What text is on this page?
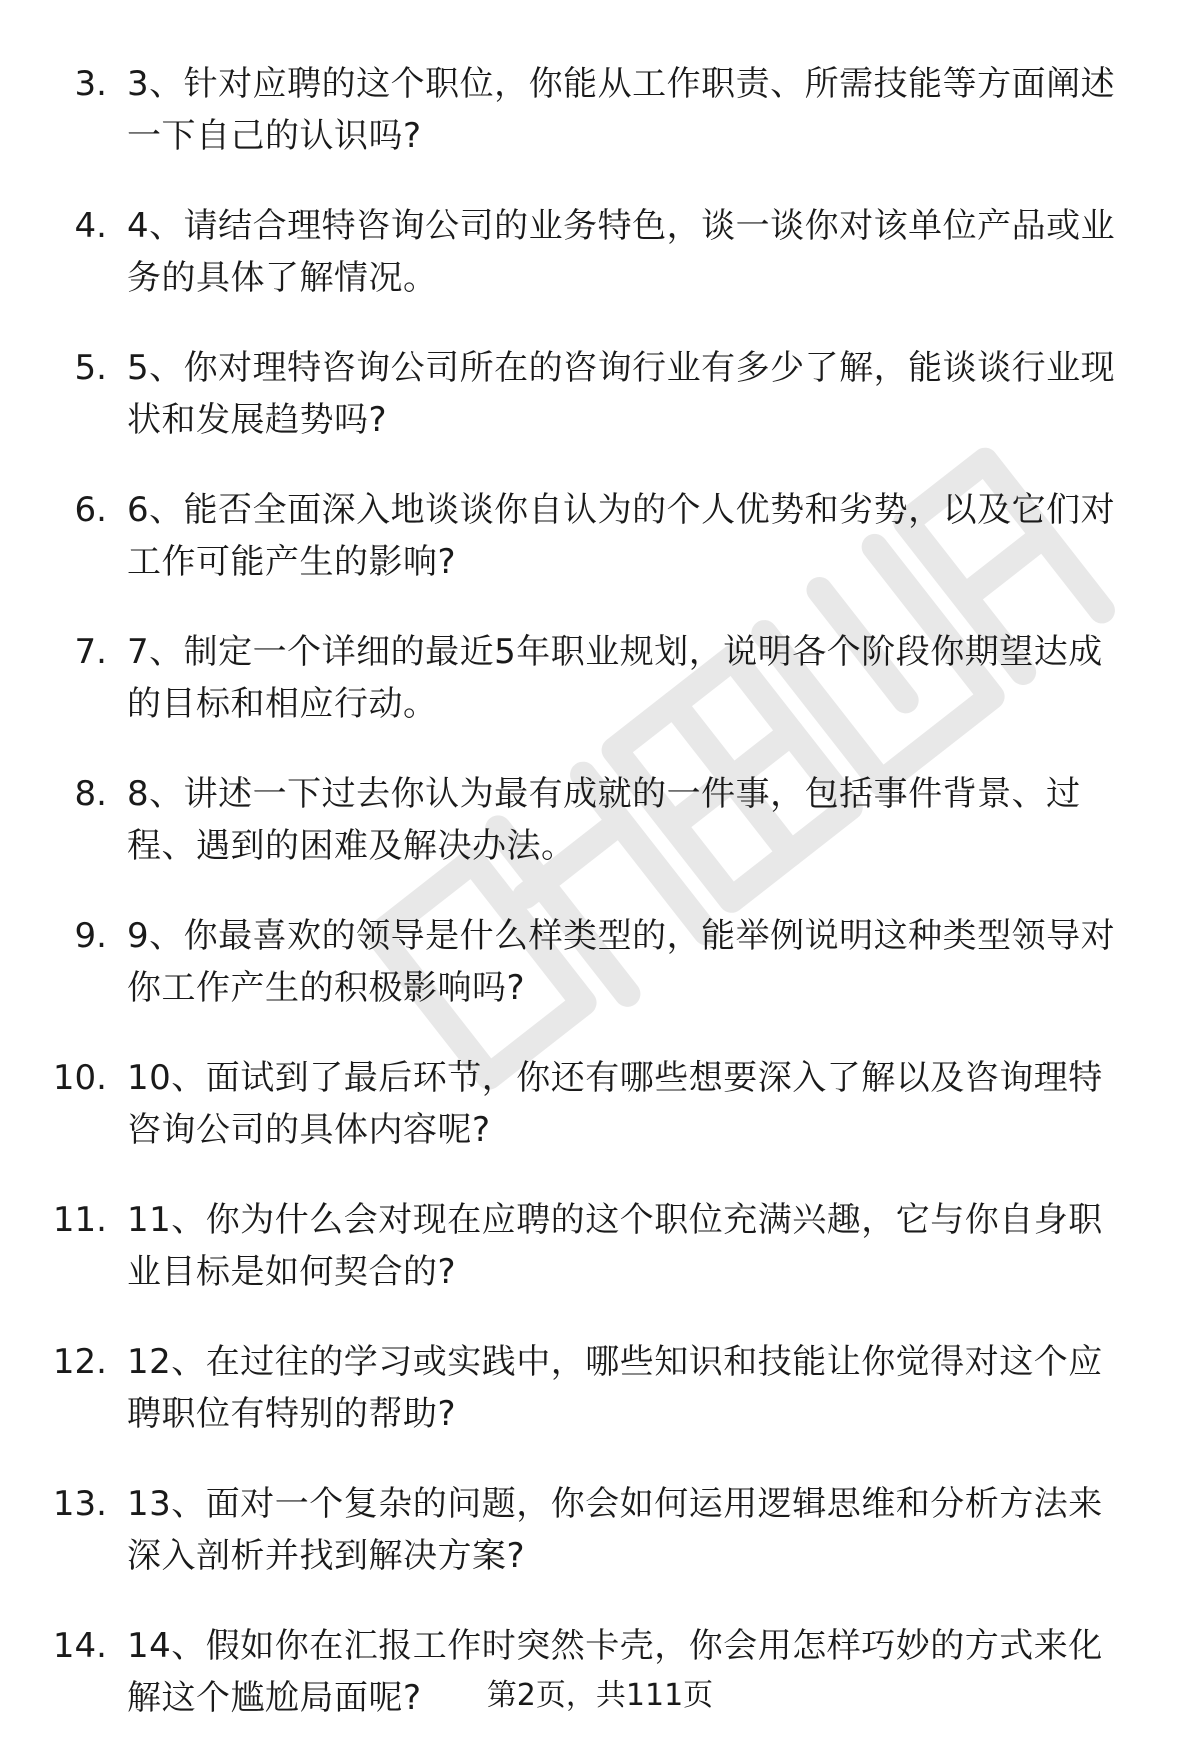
3. 3、针对应聘的这个职位，你能从工作职责、所需技能等方面阐述
一下自己的认识吗?
4. 4、请结合理特咨询公司的业务特色，谈一谈你对该单位产品或业
务的具体了解情况。
5. 5、你对理特咨询公司所在的咨询行业有多少了解，能谈谈行业现
状和发展趋势吗?
6. 6、能否全面深入地谈谈你自认为的个人优势和劣势，以及它们对
工作可能产生的影响?
7. 7、制定一个详细的最近5年职业规划，说明各个阶段你期望达成
的目标和相应行动。
8. 8、讲述一下过去你认为最有成就的一件事，包括事件背景、过
程、遇到的困难及解决办法。
9. 9、你最喜欢的领导是什么样类型的，能举例说明这种类型领导对
你工作产生的积极影响吗?
10. 10、面试到了最后环节，你还有哪些想要深入了解以及咨询理特
咨询公司的具体内容呢?
11. 11、你为什么会对现在应聘的这个职位充满兴趣，它与你自身职
业目标是如何契合的?
12. 12、在过往的学习或实践中，哪些知识和技能让你觉得对这个应
聘职位有特别的帮助?
13. 13、面对一个复杂的问题，你会如何运用逻辑思维和分析方法来
深入剖析并找到解决方案?
14. 14、假如你在汇报工作时突然卡壳，你会用怎样巧妙的方式来化
解这个尴尬局面呢?	第2页，共111页
